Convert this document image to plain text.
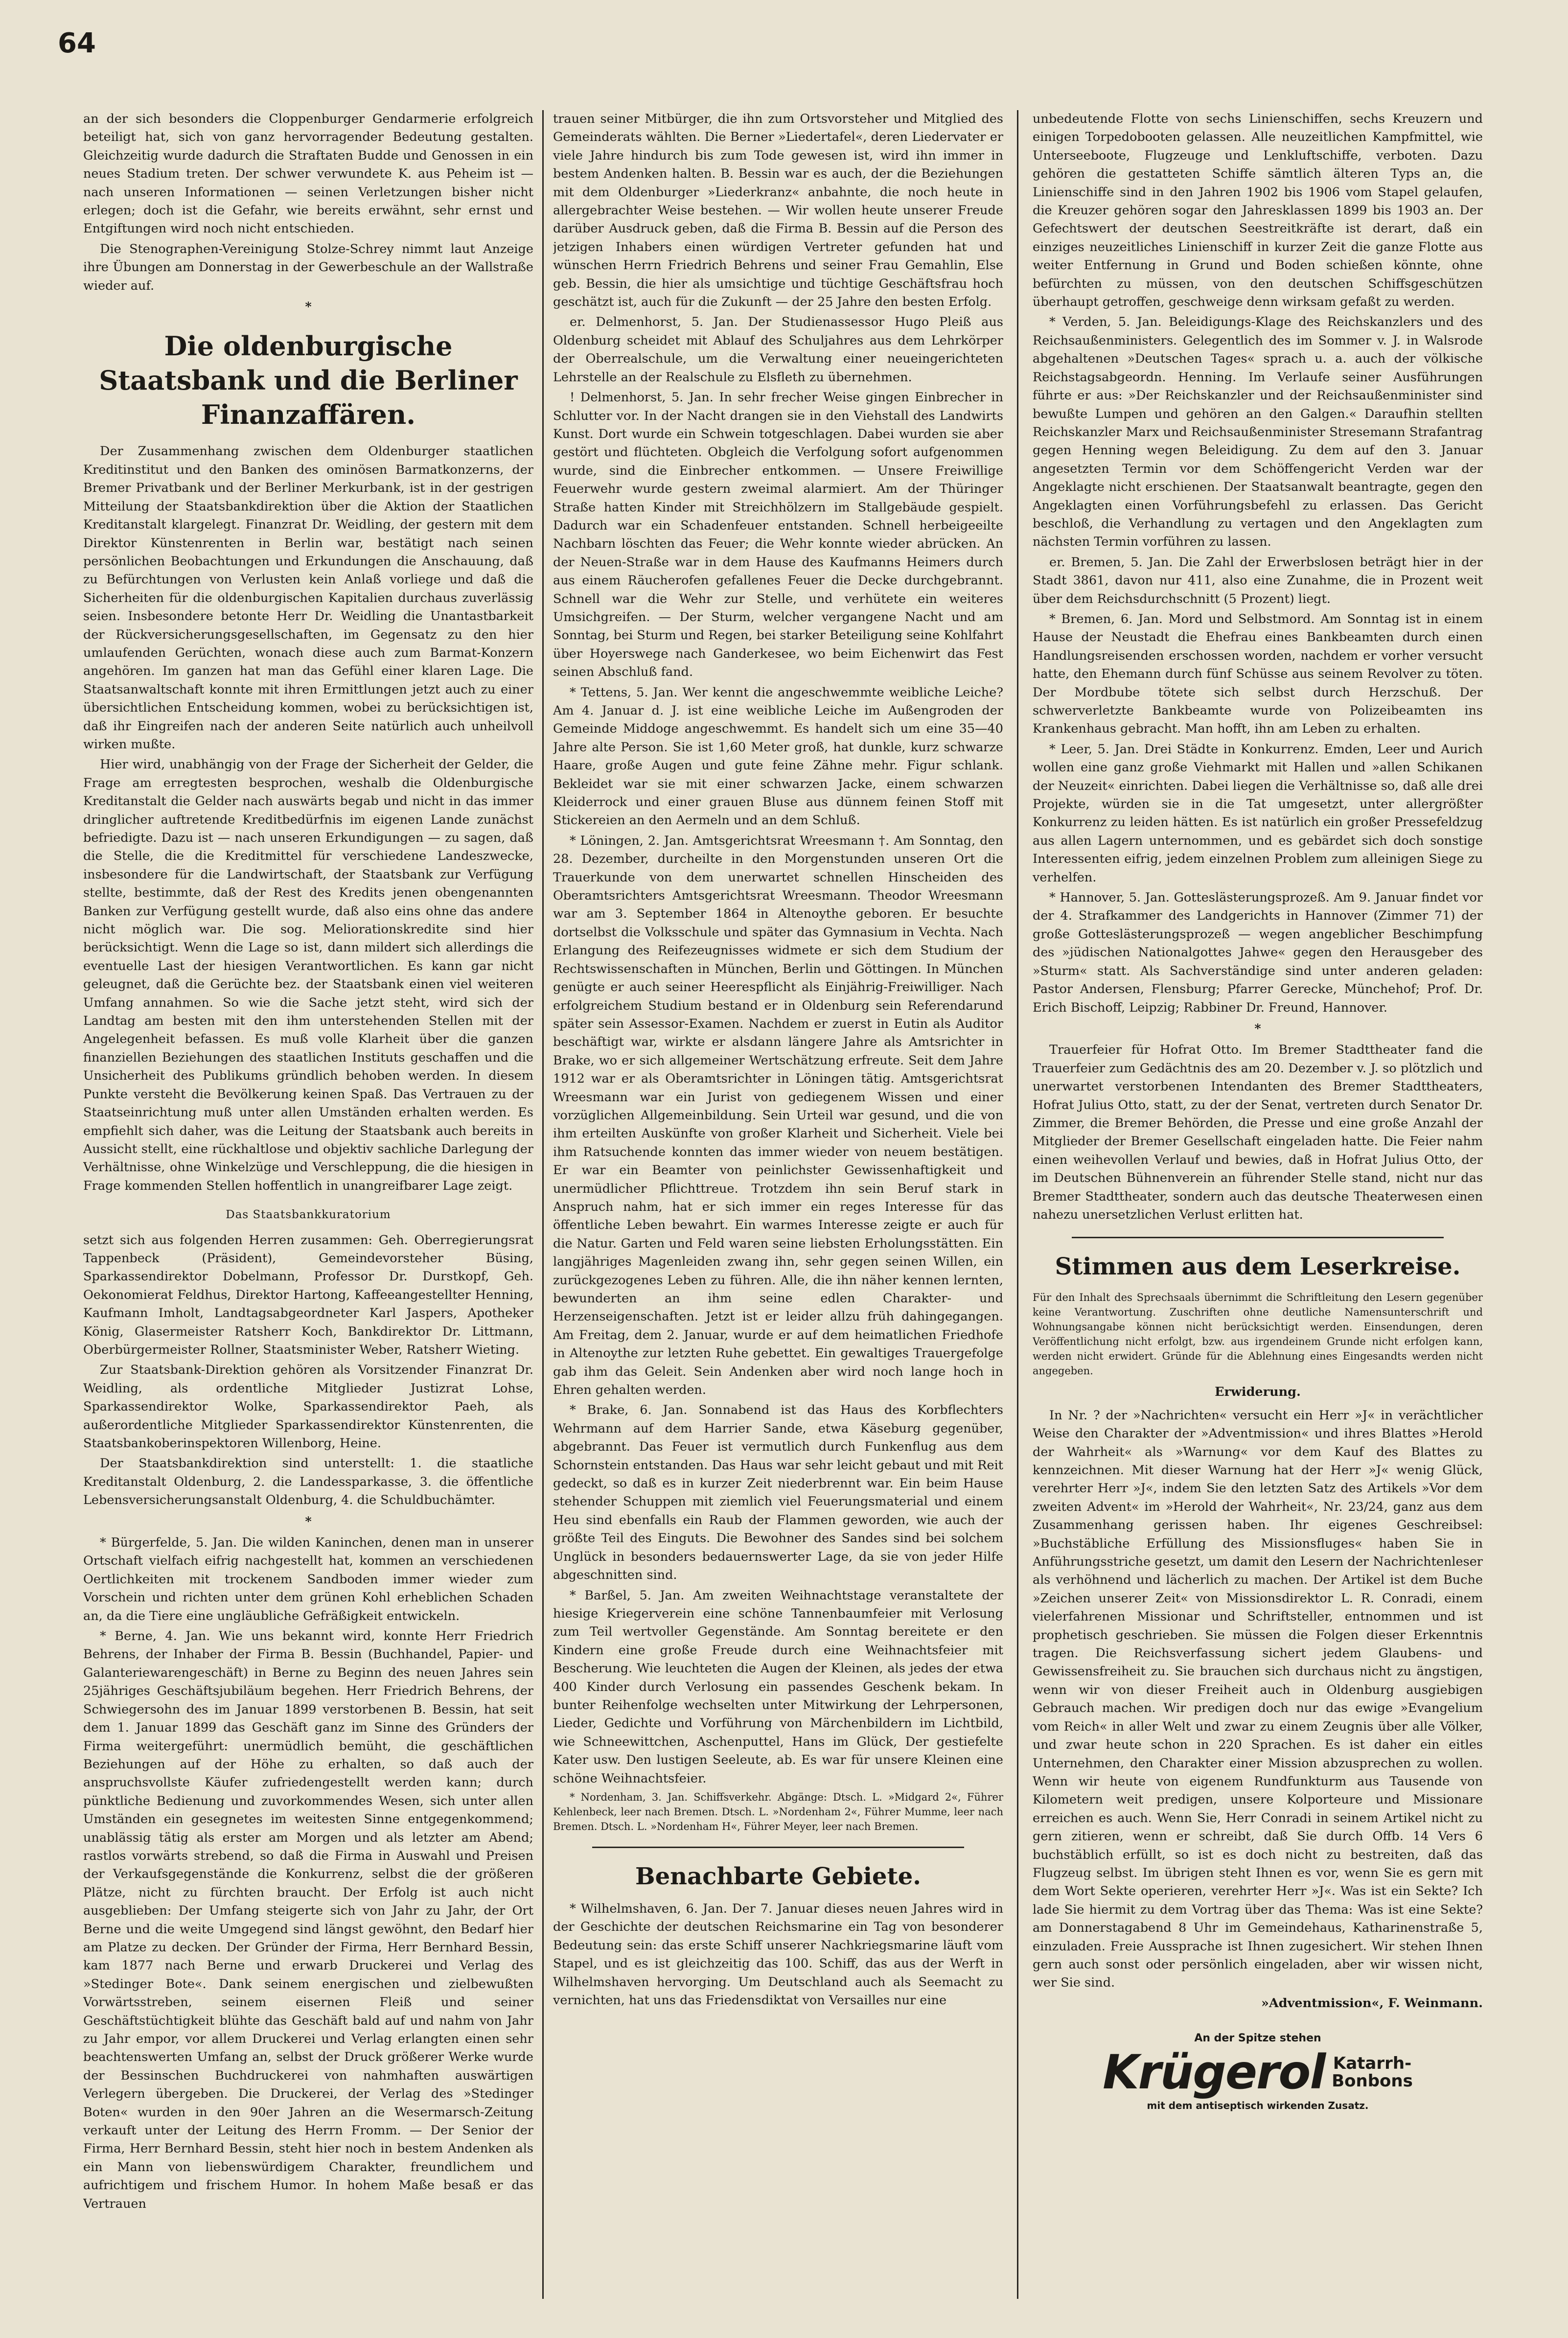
64

an der sich besonders die Cloppenburger Gendarmerie erfolgreich beteiligt hat, sich von ganz hervorragender Bedeutung gestalten. Gleichzeitig wurde dadurch die Straftaten Budde und Genossen in ein neues Stadium treten. Der schwer verwundete K. aus Peheim ist — nach unseren Informationen — seinen Verletzungen bisher nicht erlegen; doch ist die Gefahr, wie bereits erwähnt, sehr ernst und Entgiftungen wird noch nicht entschieden.

Die Stenographen-Vereinigung Stolze-Schrey nimmt laut Anzeige ihre Übungen am Donnerstag in der Gewerbeschule an der Wallstraße wieder auf.

*
Die oldenburgische Staatsbank und die Berliner Finanzaffären.

Der Zusammenhang zwischen dem Oldenburger staatlichen Kreditinstitut und den Banken des ominösen Barmatkonzerns, der Bremer Privatbank und der Berliner Merkurbank, ist in der gestrigen Mitteilung der Staatsbankdirektion über die Aktion der Staatlichen Kreditanstalt klargelegt. Finanzrat Dr. Weidling, der gestern mit dem Direktor Künstenrenten in Berlin war, bestätigt nach seinen persönlichen Beobachtungen und Erkundungen die Anschauung, daß zu Befürchtungen von Verlusten kein Anlaß vorliege und daß die Sicherheiten für die oldenburgischen Kapitalien durchaus zuverlässig seien. Insbesondere betonte Herr Dr. Weidling die Unantastbarkeit der Rückversicherungsgesellschaften, im Gegensatz zu den hier umlaufenden Gerüchten, wonach diese auch zum Barmat-Konzern angehören. Im ganzen hat man das Gefühl einer klaren Lage. Die Staatsanwaltschaft konnte mit ihren Ermittlungen jetzt auch zu einer übersichtlichen Entscheidung kommen, wobei zu berücksichtigen ist, daß ihr Eingreifen nach der anderen Seite natürlich auch unheilvoll wirken mußte.

Hier wird, unabhängig von der Frage der Sicherheit der Gelder, die Frage am erregtesten besprochen, weshalb die Oldenburgische Kreditanstalt die Gelder nach auswärts begab und nicht in das immer dringlicher auftretende Kreditbedürfnis im eigenen Lande zunächst befriedigte. Dazu ist — nach unseren Erkundigungen — zu sagen, daß die Stelle, die die Kreditmittel für verschiedene Landeszwecke, insbesondere für die Landwirtschaft, der Staatsbank zur Verfügung stellte, bestimmte, daß der Rest des Kredits jenen obengenannten Banken zur Verfügung gestellt wurde, daß also eins ohne das andere nicht möglich war. Die sog. Meliorationskredite sind hier berücksichtigt. Wenn die Lage so ist, dann mildert sich allerdings die eventuelle Last der hiesigen Verantwortlichen. Es kann gar nicht geleugnet, daß die Gerüchte bez. der Staatsbank einen viel weiteren Umfang annahmen. So wie die Sache jetzt steht, wird sich der Landtag am besten mit den ihm unterstehenden Stellen mit der Angelegenheit befassen. Es muß volle Klarheit über die ganzen finanziellen Beziehungen des staatlichen Instituts geschaffen und die Unsicherheit des Publikums gründlich behoben werden. In diesem Punkte versteht die Bevölkerung keinen Spaß. Das Vertrauen zu der Staatseinrichtung muß unter allen Umständen erhalten werden. Es empfiehlt sich daher, was die Leitung der Staatsbank auch bereits in Aussicht stellt, eine rückhaltlose und objektiv sachliche Darlegung der Verhältnisse, ohne Winkelzüge und Verschleppung, die die hiesigen in Frage kommenden Stellen hoffentlich in unangreifbarer Lage zeigt.

Das Staatsbankkuratorium

setzt sich aus folgenden Herren zusammen: Geh. Oberregierungsrat Tappenbeck (Präsident), Gemeindevorsteher Büsing, Sparkassendirektor Dobelmann, Professor Dr. Durstkopf, Geh. Oekonomierat Feldhus, Direktor Hartong, Kaffeeangestellter Henning, Kaufmann Imholt, Landtagsabgeordneter Karl Jaspers, Apotheker König, Glasermeister Ratsherr Koch, Bankdirektor Dr. Littmann, Oberbürgermeister Rollner, Staatsminister Weber, Ratsherr Wieting.

Zur Staatsbank-Direktion gehören als Vorsitzender Finanzrat Dr. Weidling, als ordentliche Mitglieder Justizrat Lohse, Sparkassendirektor Wolke, Sparkassendirektor Paeh, als außerordentliche Mitglieder Sparkassendirektor Künstenrenten, die Staatsbankoberinspektoren Willenborg, Heine.

Der Staatsbankdirektion sind unterstellt: 1. die staatliche Kreditanstalt Oldenburg, 2. die Landessparkasse, 3. die öffentliche Lebensversicherungsanstalt Oldenburg, 4. die Schuldbuchämter.

*

* Bürgerfelde, 5. Jan. Die wilden Kaninchen, denen man in unserer Ortschaft vielfach eifrig nachgestellt hat, kommen an verschiedenen Oertlichkeiten mit trockenem Sandboden immer wieder zum Vorschein und richten unter dem grünen Kohl erheblichen Schaden an, da die Tiere eine ungläubliche Gefräßigkeit entwickeln.

* Berne, 4. Jan. Wie uns bekannt wird, konnte Herr Friedrich Behrens, der Inhaber der Firma B. Bessin (Buchhandel, Papier- und Galanteriewarengeschäft) in Berne zu Beginn des neuen Jahres sein 25jähriges Geschäftsjubiläum begehen. Herr Friedrich Behrens, der Schwiegersohn des im Januar 1899 verstorbenen B. Bessin, hat seit dem 1. Januar 1899 das Geschäft ganz im Sinne des Gründers der Firma weitergeführt: unermüdlich bemüht, die geschäftlichen Beziehungen auf der Höhe zu erhalten, so daß auch der anspruchsvollste Käufer zufriedengestellt werden kann; durch pünktliche Bedienung und zuvorkommendes Wesen, sich unter allen Umständen ein gesegnetes im weitesten Sinne entgegenkommend; unablässig tätig als erster am Morgen und als letzter am Abend; rastlos vorwärts strebend, so daß die Firma in Auswahl und Preisen der Verkaufsgegenstände die Konkurrenz, selbst die der größeren Plätze, nicht zu fürchten braucht. Der Erfolg ist auch nicht ausgeblieben: Der Umfang steigerte sich von Jahr zu Jahr, der Ort Berne und die weite Umgegend sind längst gewöhnt, den Bedarf hier am Platze zu decken. Der Gründer der Firma, Herr Bernhard Bessin, kam 1877 nach Berne und erwarb Druckerei und Verlag des »Stedinger Bote«. Dank seinem energischen und zielbewußten Vorwärtsstreben, seinem eisernen Fleiß und seiner Geschäftstüchtigkeit blühte das Geschäft bald auf und nahm von Jahr zu Jahr empor, vor allem Druckerei und Verlag erlangten einen sehr beachtenswerten Umfang an, selbst der Druck größerer Werke wurde der Bessinschen Buchdruckerei von nahmhaften auswärtigen Verlegern übergeben. Die Druckerei, der Verlag des »Stedinger Boten« wurden in den 90er Jahren an die Wesermarsch-Zeitung verkauft unter der Leitung des Herrn Fromm. — Der Senior der Firma, Herr Bernhard Bessin, steht hier noch in bestem Andenken als ein Mann von liebenswürdigem Charakter, freundlichem und aufrichtigem und frischem Humor. In hohem Maße besaß er das Vertrauen

trauen seiner Mitbürger, die ihn zum Ortsvorsteher und Mitglied des Gemeinderats wählten. Die Berner »Liedertafel«, deren Liedervater er viele Jahre hindurch bis zum Tode gewesen ist, wird ihn immer in bestem Andenken halten. B. Bessin war es auch, der die Beziehungen mit dem Oldenburger »Liederkranz« anbahnte, die noch heute in allergebrachter Weise bestehen. — Wir wollen heute unserer Freude darüber Ausdruck geben, daß die Firma B. Bessin auf die Person des jetzigen Inhabers einen würdigen Vertreter gefunden hat und wünschen Herrn Friedrich Behrens und seiner Frau Gemahlin, Else geb. Bessin, die hier als umsichtige und tüchtige Geschäftsfrau hoch geschätzt ist, auch für die Zukunft — der 25 Jahre den besten Erfolg.

er. Delmenhorst, 5. Jan. Der Studienassessor Hugo Pleiß aus Oldenburg scheidet mit Ablauf des Schuljahres aus dem Lehrkörper der Oberrealschule, um die Verwaltung einer neueingerichteten Lehrstelle an der Realschule zu Elsfleth zu übernehmen.

! Delmenhorst, 5. Jan. In sehr frecher Weise gingen Einbrecher in Schlutter vor. In der Nacht drangen sie in den Viehstall des Landwirts Kunst. Dort wurde ein Schwein totgeschlagen. Dabei wurden sie aber gestört und flüchteten. Obgleich die Verfolgung sofort aufgenommen wurde, sind die Einbrecher entkommen. — Unsere Freiwillige Feuerwehr wurde gestern zweimal alarmiert. Am der Thüringer Straße hatten Kinder mit Streichhölzern im Stallgebäude gespielt. Dadurch war ein Schadenfeuer entstanden. Schnell herbeigeeilte Nachbarn löschten das Feuer; die Wehr konnte wieder abrücken. An der Neuen-Straße war in dem Hause des Kaufmanns Heimers durch aus einem Räucherofen gefallenes Feuer die Decke durchgebrannt. Schnell war die Wehr zur Stelle, und verhütete ein weiteres Umsichgreifen. — Der Sturm, welcher vergangene Nacht und am Sonntag, bei Sturm und Regen, bei starker Beteiligung seine Kohlfahrt über Hoyerswege nach Ganderkesee, wo beim Eichenwirt das Fest seinen Abschluß fand.

* Tettens, 5. Jan. Wer kennt die angeschwemmte weibliche Leiche? Am 4. Januar d. J. ist eine weibliche Leiche im Außengroden der Gemeinde Middoge angeschwemmt. Es handelt sich um eine 35—40 Jahre alte Person. Sie ist 1,60 Meter groß, hat dunkle, kurz schwarze Haare, große Augen und gute feine Zähne mehr. Figur schlank. Bekleidet war sie mit einer schwarzen Jacke, einem schwarzen Kleiderrock und einer grauen Bluse aus dünnem feinen Stoff mit Stickereien an den Aermeln und an dem Schluß.

* Löningen, 2. Jan. Amtsgerichtsrat Wreesmann †. Am Sonntag, den 28. Dezember, durcheilte in den Morgenstunden unseren Ort die Trauerkunde von dem unerwartet schnellen Hinscheiden des Oberamtsrichters Amtsgerichtsrat Wreesmann. Theodor Wreesmann war am 3. September 1864 in Altenoythe geboren. Er besuchte dortselbst die Volksschule und später das Gymnasium in Vechta. Nach Erlangung des Reifezeugnisses widmete er sich dem Studium der Rechtswissenschaften in München, Berlin und Göttingen. In München genügte er auch seiner Heerespflicht als Einjährig-Freiwilliger. Nach erfolgreichem Studium bestand er in Oldenburg sein Referendarund später sein Assessor-Examen. Nachdem er zuerst in Eutin als Auditor beschäftigt war, wirkte er alsdann längere Jahre als Amtsrichter in Brake, wo er sich allgemeiner Wertschätzung erfreute. Seit dem Jahre 1912 war er als Oberamtsrichter in Löningen tätig. Amtsgerichtsrat Wreesmann war ein Jurist von gediegenem Wissen und einer vorzüglichen Allgemeinbildung. Sein Urteil war gesund, und die von ihm erteilten Auskünfte von großer Klarheit und Sicherheit. Viele bei ihm Ratsuchende konnten das immer wieder von neuem bestätigen. Er war ein Beamter von peinlichster Gewissenhaftigkeit und unermüdlicher Pflichttreue. Trotzdem ihn sein Beruf stark in Anspruch nahm, hat er sich immer ein reges Interesse für das öffentliche Leben bewahrt. Ein warmes Interesse zeigte er auch für die Natur. Garten und Feld waren seine liebsten Erholungsstätten. Ein langjähriges Magenleiden zwang ihn, sehr gegen seinen Willen, ein zurückgezogenes Leben zu führen. Alle, die ihn näher kennen lernten, bewunderten an ihm seine edlen Charakter- und Herzenseigenschaften. Jetzt ist er leider allzu früh dahingegangen. Am Freitag, dem 2. Januar, wurde er auf dem heimatlichen Friedhofe in Altenoythe zur letzten Ruhe gebettet. Ein gewaltiges Trauergefolge gab ihm das Geleit. Sein Andenken aber wird noch lange hoch in Ehren gehalten werden.

* Brake, 6. Jan. Sonnabend ist das Haus des Korbflechters Wehrmann auf dem Harrier Sande, etwa Käseburg gegenüber, abgebrannt. Das Feuer ist vermutlich durch Funkenflug aus dem Schornstein entstanden. Das Haus war sehr leicht gebaut und mit Reit gedeckt, so daß es in kurzer Zeit niederbrennt war. Ein beim Hause stehender Schuppen mit ziemlich viel Feuerungsmaterial und einem Heu sind ebenfalls ein Raub der Flammen geworden, wie auch der größte Teil des Einguts. Die Bewohner des Sandes sind bei solchem Unglück in besonders bedauernswerter Lage, da sie von jeder Hilfe abgeschnitten sind.

* Barßel, 5. Jan. Am zweiten Weihnachtstage veranstaltete der hiesige Kriegerverein eine schöne Tannenbaumfeier mit Verlosung zum Teil wertvoller Gegenstände. Am Sonntag bereitete er den Kindern eine große Freude durch eine Weihnachtsfeier mit Bescherung. Wie leuchteten die Augen der Kleinen, als jedes der etwa 400 Kinder durch Verlosung ein passendes Geschenk bekam. In bunter Reihenfolge wechselten unter Mitwirkung der Lehrpersonen, Lieder, Gedichte und Vorführung von Märchenbildern im Lichtbild, wie Schneewittchen, Aschenputtel, Hans im Glück, Der gestiefelte Kater usw. Den lustigen Seeleute, ab. Es war für unsere Kleinen eine schöne Weihnachtsfeier.

* Nordenham, 3. Jan. Schiffsverkehr. Abgänge: Dtsch. L. »Midgard 2«, Führer Kehlenbeck, leer nach Bremen. Dtsch. L. »Nordenham 2«, Führer Mumme, leer nach Bremen. Dtsch. L. »Nordenham H«, Führer Meyer, leer nach Bremen.

Benachbarte Gebiete.

* Wilhelmshaven, 6. Jan. Der 7. Januar dieses neuen Jahres wird in der Geschichte der deutschen Reichsmarine ein Tag von besonderer Bedeutung sein: das erste Schiff unserer Nachkriegsmarine läuft vom Stapel, und es ist gleichzeitig das 100. Schiff, das aus der Werft in Wilhelmshaven hervorging. Um Deutschland auch als Seemacht zu vernichten, hat uns das Friedensdiktat von Versailles nur eine

unbedeutende Flotte von sechs Linienschiffen, sechs Kreuzern und einigen Torpedobooten gelassen. Alle neuzeitlichen Kampfmittel, wie Unterseeboote, Flugzeuge und Lenkluftschiffe, verboten. Dazu gehören die gestatteten Schiffe sämtlich älteren Typs an, die Linienschiffe sind in den Jahren 1902 bis 1906 vom Stapel gelaufen, die Kreuzer gehören sogar den Jahresklassen 1899 bis 1903 an. Der Gefechtswert der deutschen Seestreitkräfte ist derart, daß ein einziges neuzeitliches Linienschiff in kurzer Zeit die ganze Flotte aus weiter Entfernung in Grund und Boden schießen könnte, ohne befürchten zu müssen, von den deutschen Schiffsgeschützen überhaupt getroffen, geschweige denn wirksam gefaßt zu werden.

* Verden, 5. Jan. Beleidigungs-Klage des Reichskanzlers und des Reichsaußenministers. Gelegentlich des im Sommer v. J. in Walsrode abgehaltenen »Deutschen Tages« sprach u. a. auch der völkische Reichstagsabgeordn. Henning. Im Verlaufe seiner Ausführungen führte er aus: »Der Reichskanzler und der Reichsaußenminister sind bewußte Lumpen und gehören an den Galgen.« Daraufhin stellten Reichskanzler Marx und Reichsaußenminister Stresemann Strafantrag gegen Henning wegen Beleidigung. Zu dem auf den 3. Januar angesetzten Termin vor dem Schöffengericht Verden war der Angeklagte nicht erschienen. Der Staatsanwalt beantragte, gegen den Angeklagten einen Vorführungsbefehl zu erlassen. Das Gericht beschloß, die Verhandlung zu vertagen und den Angeklagten zum nächsten Termin vorführen zu lassen.

er. Bremen, 5. Jan. Die Zahl der Erwerbslosen beträgt hier in der Stadt 3861, davon nur 411, also eine Zunahme, die in Prozent weit über dem Reichsdurchschnitt (5 Prozent) liegt.

* Bremen, 6. Jan. Mord und Selbstmord. Am Sonntag ist in einem Hause der Neustadt die Ehefrau eines Bankbeamten durch einen Handlungsreisenden erschossen worden, nachdem er vorher versucht hatte, den Ehemann durch fünf Schüsse aus seinem Revolver zu töten. Der Mordbube tötete sich selbst durch Herzschuß. Der schwerverletzte Bankbeamte wurde von Polizeibeamten ins Krankenhaus gebracht. Man hofft, ihn am Leben zu erhalten.

* Leer, 5. Jan. Drei Städte in Konkurrenz. Emden, Leer und Aurich wollen eine ganz große Viehmarkt mit Hallen und »allen Schikanen der Neuzeit« einrichten. Dabei liegen die Verhältnisse so, daß alle drei Projekte, würden sie in die Tat umgesetzt, unter allergrößter Konkurrenz zu leiden hätten. Es ist natürlich ein großer Pressefeldzug aus allen Lagern unternommen, und es gebärdet sich doch sonstige Interessenten eifrig, jedem einzelnen Problem zum alleinigen Siege zu verhelfen.

* Hannover, 5. Jan. Gotteslästerungsprozeß. Am 9. Januar findet vor der 4. Strafkammer des Landgerichts in Hannover (Zimmer 71) der große Gotteslästerungsprozeß — wegen angeblicher Beschimpfung des »jüdischen Nationalgottes Jahwe« gegen den Herausgeber des »Sturm« statt. Als Sachverständige sind unter anderen geladen: Pastor Andersen, Flensburg; Pfarrer Gerecke, Münchehof; Prof. Dr. Erich Bischoff, Leipzig; Rabbiner Dr. Freund, Hannover.

*

Trauerfeier für Hofrat Otto. Im Bremer Stadttheater fand die Trauerfeier zum Gedächtnis des am 20. Dezember v. J. so plötzlich und unerwartet verstorbenen Intendanten des Bremer Stadttheaters, Hofrat Julius Otto, statt, zu der der Senat, vertreten durch Senator Dr. Zimmer, die Bremer Behörden, die Presse und eine große Anzahl der Mitglieder der Bremer Gesellschaft eingeladen hatte. Die Feier nahm einen weihevollen Verlauf und bewies, daß in Hofrat Julius Otto, der im Deutschen Bühnenverein an führender Stelle stand, nicht nur das Bremer Stadttheater, sondern auch das deutsche Theaterwesen einen nahezu unersetzlichen Verlust erlitten hat.

Stimmen aus dem Leserkreise.

Für den Inhalt des Sprechsaals übernimmt die Schriftleitung den Lesern gegenüber keine Verantwortung. Zuschriften ohne deutliche Namensunterschrift und Wohnungsangabe können nicht berücksichtigt werden. Einsendungen, deren Veröffentlichung nicht erfolgt, bzw. aus irgendeinem Grunde nicht erfolgen kann, werden nicht erwidert. Gründe für die Ablehnung eines Eingesandts werden nicht angegeben.

Erwiderung.

In Nr. ? der »Nachrichten« versucht ein Herr »J« in verächtlicher Weise den Charakter der »Adventmission« und ihres Blattes »Herold der Wahrheit« als »Warnung« vor dem Kauf des Blattes zu kennzeichnen. Mit dieser Warnung hat der Herr »J« wenig Glück, verehrter Herr »J«, indem Sie den letzten Satz des Artikels »Vor dem zweiten Advent« im »Herold der Wahrheit«, Nr. 23/24, ganz aus dem Zusammenhang gerissen haben. Ihr eigenes Geschreibsel: »Buchstäbliche Erfüllung des Missionsfluges« haben Sie in Anführungsstriche gesetzt, um damit den Lesern der Nachrichtenleser als verhöhnend und lächerlich zu machen. Der Artikel ist dem Buche »Zeichen unserer Zeit« von Missionsdirektor L. R. Conradi, einem vielerfahrenen Missionar und Schriftsteller, entnommen und ist prophetisch geschrieben. Sie müssen die Folgen dieser Erkenntnis tragen. Die Reichsverfassung sichert jedem Glaubens- und Gewissensfreiheit zu. Sie brauchen sich durchaus nicht zu ängstigen, wenn wir von dieser Freiheit auch in Oldenburg ausgiebigen Gebrauch machen. Wir predigen doch nur das ewige »Evangelium vom Reich« in aller Welt und zwar zu einem Zeugnis über alle Völker, und zwar heute schon in 220 Sprachen. Es ist daher ein eitles Unternehmen, den Charakter einer Mission abzusprechen zu wollen. Wenn wir heute von eigenem Rundfunkturm aus Tausende von Kilometern weit predigen, unsere Kolporteure und Missionare erreichen es auch. Wenn Sie, Herr Conradi in seinem Artikel nicht zu gern zitieren, wenn er schreibt, daß Sie durch Offb. 14 Vers 6 buchstäblich erfüllt, so ist es doch nicht zu bestreiten, daß das Flugzeug selbst. Im übrigen steht Ihnen es vor, wenn Sie es gern mit dem Wort Sekte operieren, verehrter Herr »J«. Was ist ein Sekte? Ich lade Sie hiermit zu dem Vortrag über das Thema: Was ist eine Sekte? am Donnerstagabend 8 Uhr im Gemeindehaus, Katharinenstraße 5, einzuladen. Freie Aussprache ist Ihnen zugesichert. Wir stehen Ihnen gern auch sonst oder persönlich eingeladen, aber wir wissen nicht, wer Sie sind.

»Adventmission«, F. Weinmann.
An der Spitze stehen
Krügerol Katarrh-
Bonbons
mit dem antiseptisch wirkenden Zusatz.
